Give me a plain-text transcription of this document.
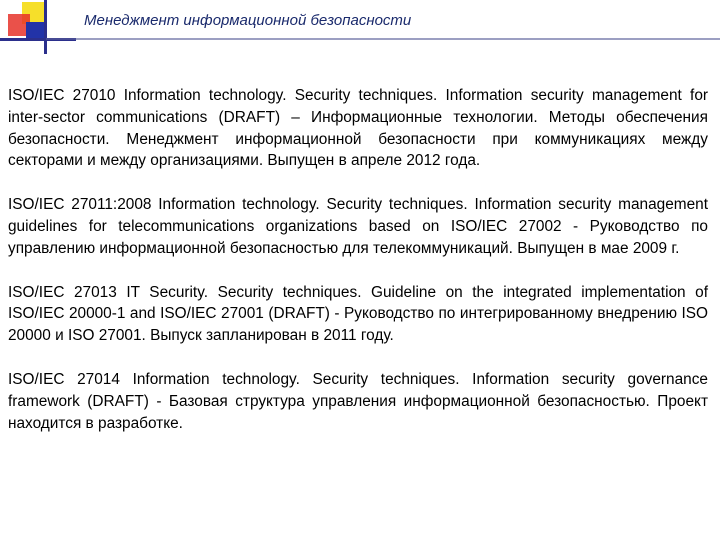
Менеджмент информационной безопасности

ISO/IEC 27010 Information technology. Security techniques. Information security management for inter-sector communications (DRAFT) – Информационные технологии. Методы обеспечения безопасности. Менеджмент информационной безопасности при коммуникациях между секторами и между организациями. Выпущен в апреле 2012 года.

ISO/IEC 27011:2008 Information technology. Security techniques. Information security management guidelines for telecommunications organizations based on ISO/IEC 27002 - Руководство по управлению информационной безопасностью для телекоммуникаций. Выпущен в мае 2009 г.

ISO/IEC 27013 IT Security. Security techniques. Guideline on the integrated implementation of ISO/IEC 20000-1 and ISO/IEC 27001 (DRAFT) - Руководство по интегрированному внедрению ISO 20000 и ISO 27001. Выпуск запланирован в 2011 году.

ISO/IEC 27014 Information technology. Security techniques. Information security governance framework (DRAFT) - Базовая структура управления информационной безопасностью. Проект находится в разработке.
